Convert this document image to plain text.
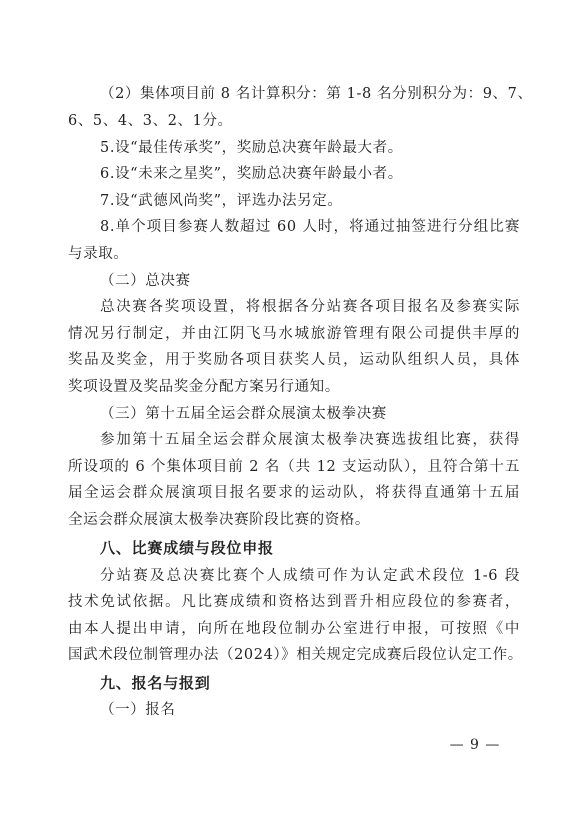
（2）集体项目前 8 名计算积分：第 1-8 名分别积分为：9、7、
6、5、4、3、2、1分。
5.设“最佳传承奖”，奖励总决赛年龄最大者。
6.设“未来之星奖”，奖励总决赛年龄最小者。
7.设“武德风尚奖”，评选办法另定。
8.单个项目参赛人数超过 60 人时，将通过抽签进行分组比赛
与录取。
（二）总决赛
总决赛各奖项设置，将根据各分站赛各项目报名及参赛实际
情况另行制定，并由江阴飞马水城旅游管理有限公司提供丰厚的
奖品及奖金，用于奖励各项目获奖人员，运动队组织人员，具体
奖项设置及奖品奖金分配方案另行通知。
（三）第十五届全运会群众展演太极拳决赛
参加第十五届全运会群众展演太极拳决赛选拔组比赛，获得
所设项的 6 个集体项目前 2 名（共 12 支运动队），且符合第十五
届全运会群众展演项目报名要求的运动队，将获得直通第十五届
全运会群众展演太极拳决赛阶段比赛的资格。
八、比赛成绩与段位申报
分站赛及总决赛比赛个人成绩可作为认定武术段位 1-6 段
技术免试依据。凡比赛成绩和资格达到晋升相应段位的参赛者，
由本人提出申请，向所在地段位制办公室进行申报，可按照《中
国武术段位制管理办法（2024）》相关规定完成赛后段位认定工作。
九、报名与报到
（一）报名
— 9 —
